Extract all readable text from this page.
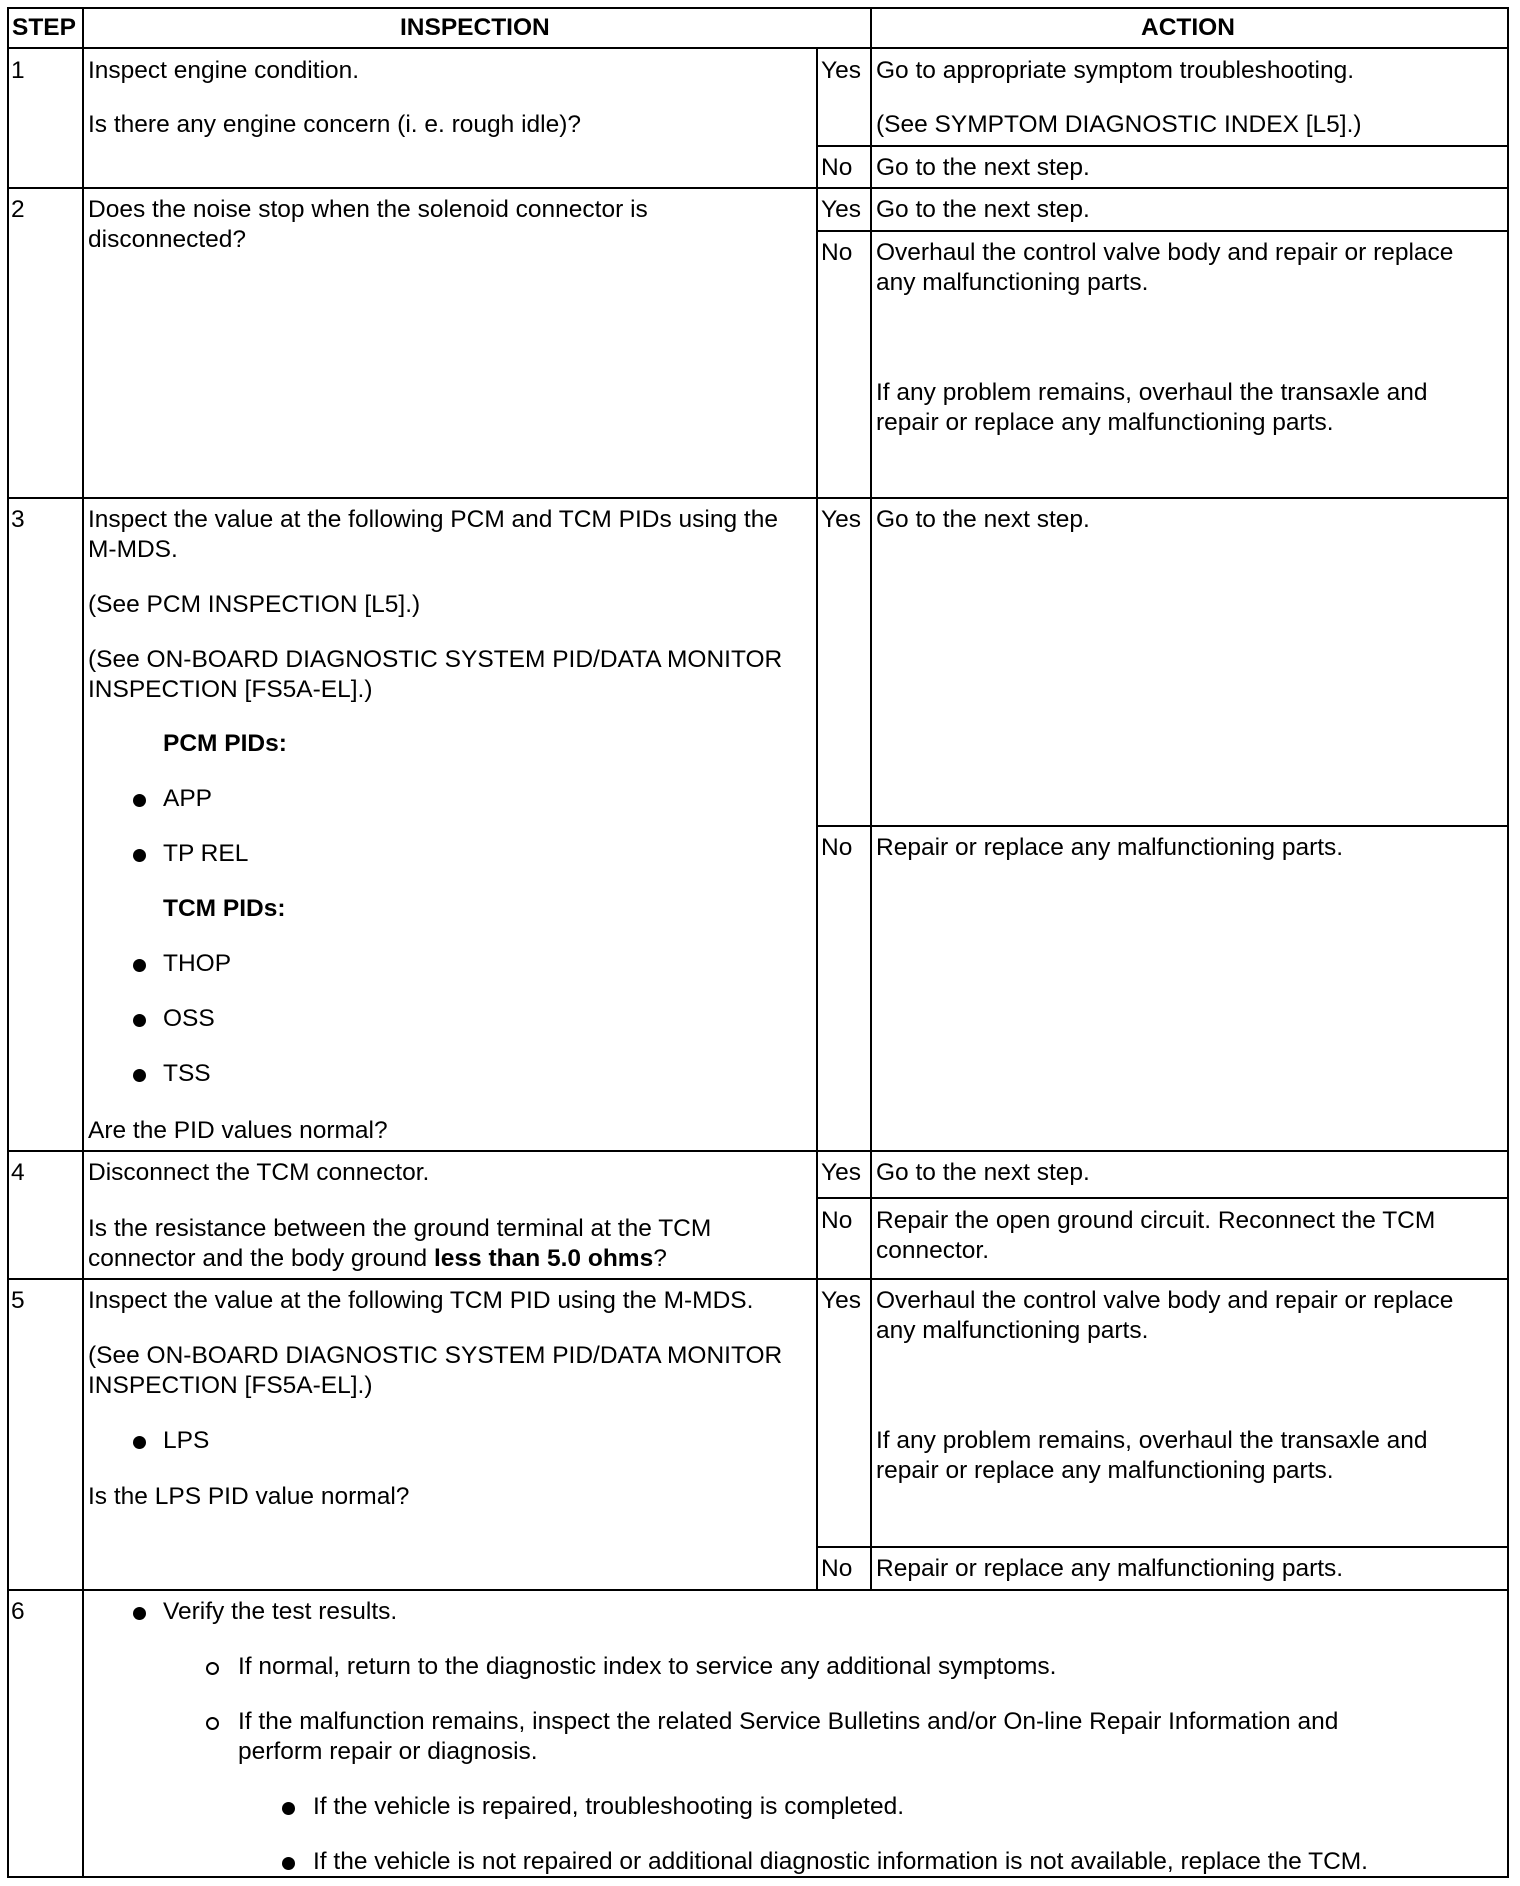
STEP	INSPECTION	ACTION
1	Inspect engine condition.
Is there any engine concern (i. e. rough idle)?
Yes Go to appropriate symptom troubleshooting.
(See SYMPTOM DIAGNOSTIC INDEX [L5].)
No Go to the next step.
2	Does the noise stop when the solenoid connector is
disconnected?
Yes Go to the next step.
No Overhaul the control valve body and repair or replace
any malfunctioning parts.
If any problem remains, overhaul the transaxle and
repair or replace any malfunctioning parts.
3	Inspect the value at the following PCM and TCM PIDs using the
M-MDS.
(See PCM INSPECTION [L5].)
(See ON-BOARD DIAGNOSTIC SYSTEM PID/DATA MONITOR
INSPECTION [FS5A-EL].)
PCM PIDs:
APP
TP REL
TCM PIDs:
THOP
OSS
TSS
Are the PID values normal?
Yes Go to the next step.
No Repair or replace any malfunctioning parts.
4	Disconnect the TCM connector.
Is the resistance between the ground terminal at the TCM
connector and the body ground less than 5.0 ohms?
Yes Go to the next step.
No Repair the open ground circuit. Reconnect the TCM
connector.
5	Inspect the value at the following TCM PID using the M-MDS.
(See ON-BOARD DIAGNOSTIC SYSTEM PID/DATA MONITOR
INSPECTION [FS5A-EL].)
LPS
Is the LPS PID value normal?
Yes Overhaul the control valve body and repair or replace
any malfunctioning parts.
If any problem remains, overhaul the transaxle and
repair or replace any malfunctioning parts.
No Repair or replace any malfunctioning parts.
6	Verify the test results.
If normal, return to the diagnostic index to service any additional symptoms.
If the malfunction remains, inspect the related Service Bulletins and/or On-line Repair Information and
perform repair or diagnosis.
If the vehicle is repaired, troubleshooting is completed.
If the vehicle is not repaired or additional diagnostic information is not available, replace the TCM.
